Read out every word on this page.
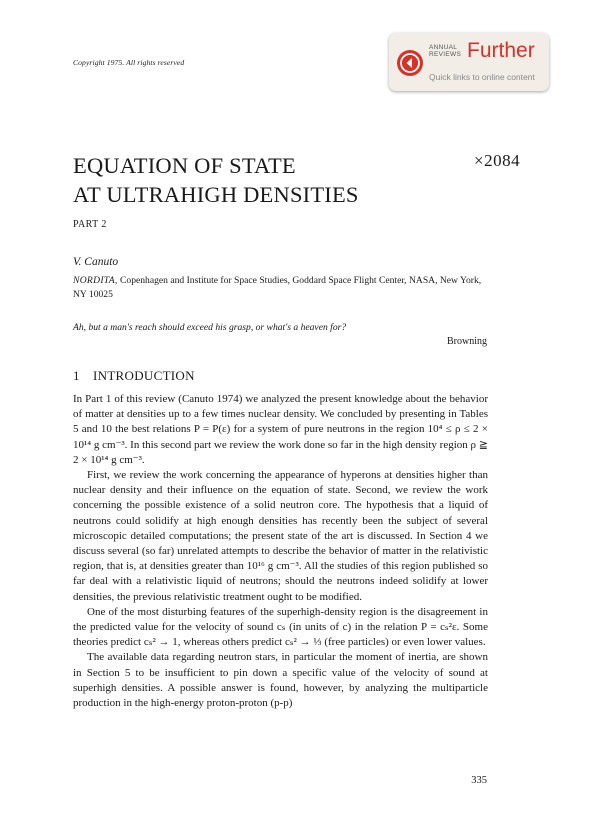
Copyright 1975. All rights reserved
ANNUAL
REVIEWS Further
Quick links to online content
EQUATION OF STATE
AT ULTRAHIGH DENSITIES
×2084
PART 2
V. Canuto
NORDITA, Copenhagen and Institute for Space Studies, Goddard Space Flight Center, NASA, New York, NY 10025
Ah, but a man's reach should exceed his grasp, or what's a heaven for?
Browning
1 INTRODUCTION

In Part 1 of this review (Canuto 1974) we analyzed the present knowledge about the behavior of matter at densities up to a few times nuclear density. We concluded by presenting in Tables 5 and 10 the best relations P = P(ε) for a system of pure neutrons in the region 10⁴ ≤ ρ ≤ 2 × 10¹⁴ g cm⁻³. In this second part we review the work done so far in the high density region ρ ≧ 2 × 10¹⁴ g cm⁻³.

First, we review the work concerning the appearance of hyperons at densities higher than nuclear density and their influence on the equation of state. Second, we review the work concerning the possible existence of a solid neutron core. The hypothesis that a liquid of neutrons could solidify at high enough densities has recently been the subject of several microscopic detailed computations; the present state of the art is discussed. In Section 4 we discuss several (so far) unrelated attempts to describe the behavior of matter in the relativistic region, that is, at densities greater than 10¹⁶ g cm⁻³. All the studies of this region published so far deal with a relativistic liquid of neutrons; should the neutrons indeed solidify at lower densities, the previous relativistic treatment ought to be modified.

One of the most disturbing features of the superhigh-density region is the disagreement in the predicted value for the velocity of sound cₛ (in units of c) in the relation P = cₛ²ε. Some theories predict cₛ² → 1, whereas others predict cₛ² → ⅓ (free particles) or even lower values.

The available data regarding neutron stars, in particular the moment of inertia, are shown in Section 5 to be insufficient to pin down a specific value of the velocity of sound at superhigh densities. A possible answer is found, however, by analyzing the multiparticle production in the high-energy proton-proton (p-p)

335
